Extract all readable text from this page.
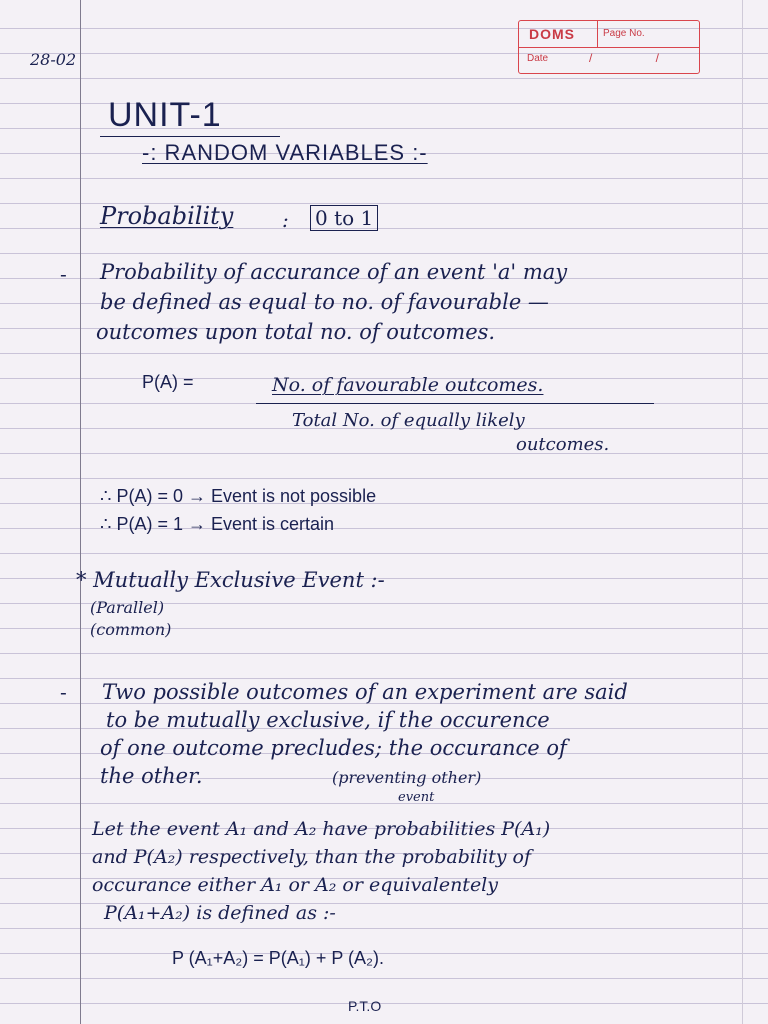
DOMS	Page No.
Date	/ /
28-02
UNIT-1
-: RANDOM VARIABLES :-
Probability : 0 to 1
- Probability of accurance of an event 'a' may
be defined as equal to no. of favourable —
outcomes upon total no. of outcomes.
P(A) =	No. of favourable outcomes.
Total No. of equally likely
outcomes.
∴ P(A) = 0 → Event is not possible
∴ P(A) = 1 → Event is certain
* Mutually Exclusive Event :-
(Parallel)
(common)
- Two possible outcomes of an experiment are said
to be mutually exclusive, if the occurence
of one outcome precludes; the occurance of
the other.	(preventing other)
event
Let the event A₁ and A₂ have probabilities P(A₁)
and P(A₂) respectively, than the probability of
occurance either A₁ or A₂ or equivalentely
P(A₁+A₂) is defined as :-
P (A₁+A₂) = P(A₁) + P (A₂).
P.T.O
